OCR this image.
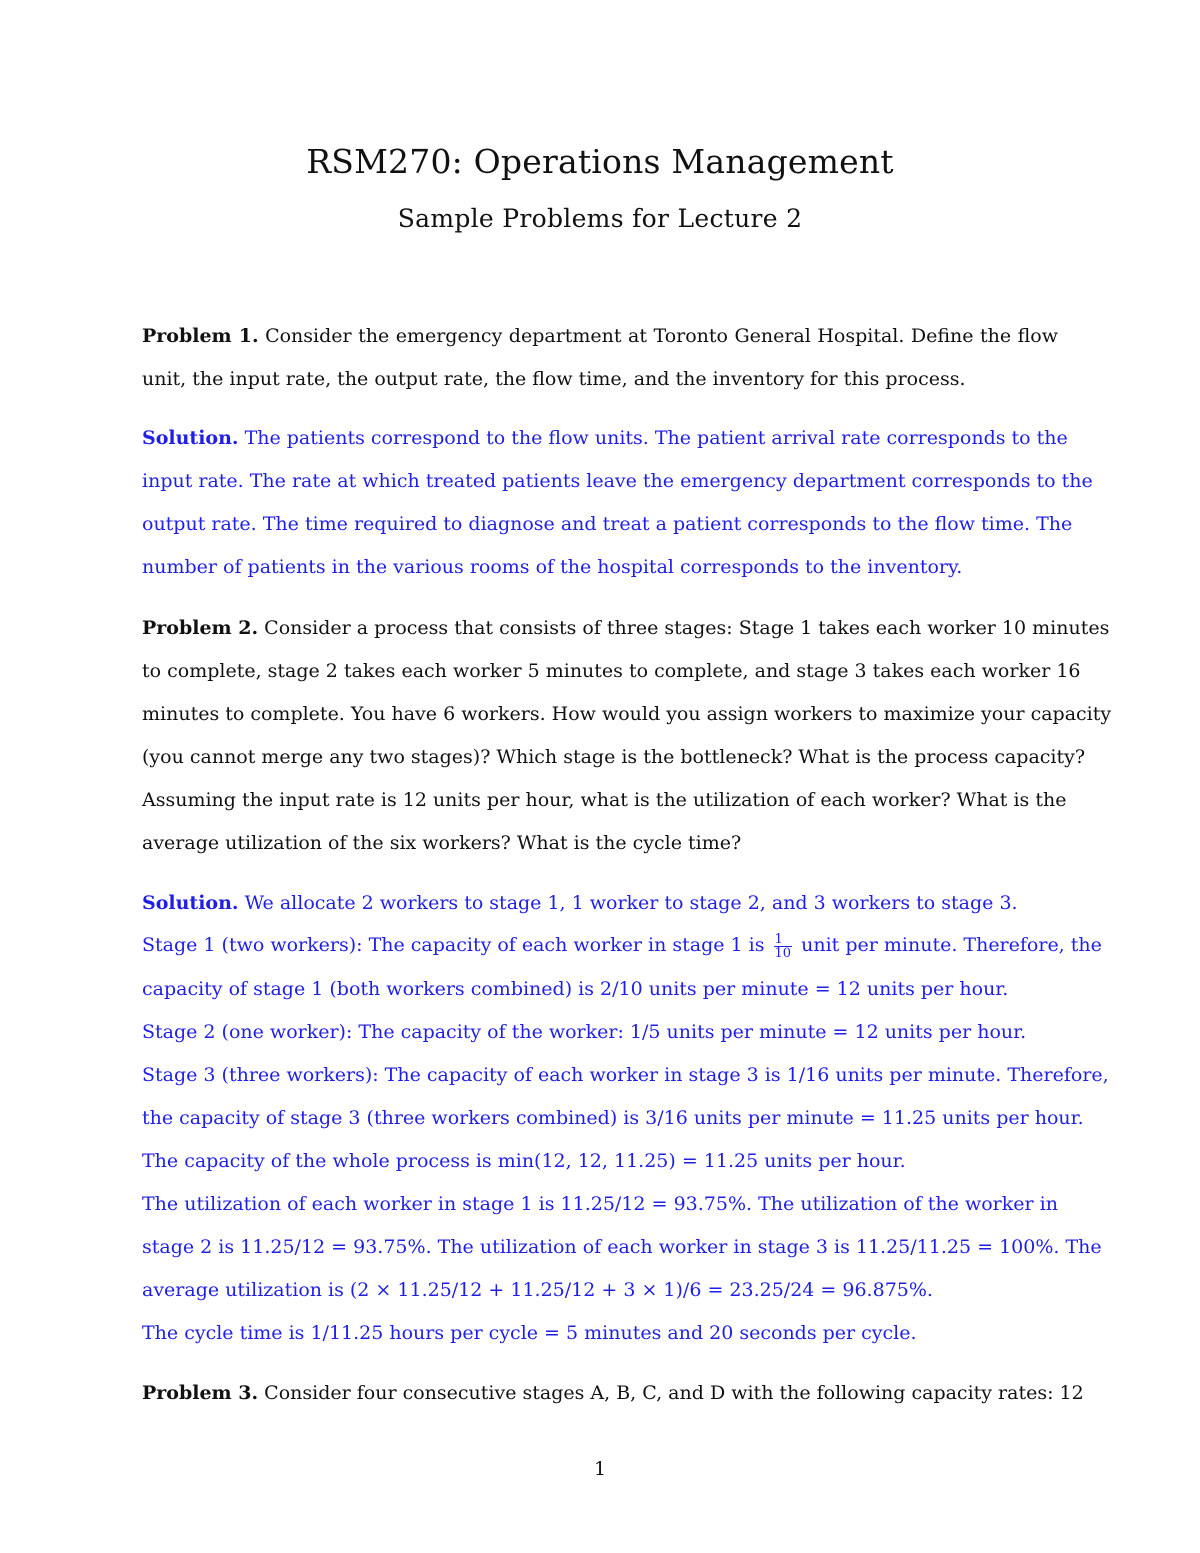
RSM270: Operations Management
Sample Problems for Lecture 2
Problem 1. Consider the emergency department at Toronto General Hospital. Define the flow
unit, the input rate, the output rate, the flow time, and the inventory for this process.
Solution. The patients correspond to the flow units. The patient arrival rate corresponds to the
input rate. The rate at which treated patients leave the emergency department corresponds to the
output rate. The time required to diagnose and treat a patient corresponds to the flow time. The
number of patients in the various rooms of the hospital corresponds to the inventory.
Problem 2. Consider a process that consists of three stages: Stage 1 takes each worker 10 minutes
to complete, stage 2 takes each worker 5 minutes to complete, and stage 3 takes each worker 16
minutes to complete. You have 6 workers. How would you assign workers to maximize your capacity
(you cannot merge any two stages)? Which stage is the bottleneck? What is the process capacity?
Assuming the input rate is 12 units per hour, what is the utilization of each worker? What is the
average utilization of the six workers? What is the cycle time?
Solution. We allocate 2 workers to stage 1, 1 worker to stage 2, and 3 workers to stage 3.
Stage 1 (two workers): The capacity of each worker in stage 1 is $\frac{1}{10}$ unit per minute. Therefore, the
capacity of stage 1 (both workers combined) is 2/10 units per minute = 12 units per hour.
Stage 2 (one worker): The capacity of the worker: 1/5 units per minute = 12 units per hour.
Stage 3 (three workers): The capacity of each worker in stage 3 is 1/16 units per minute. Therefore,
the capacity of stage 3 (three workers combined) is 3/16 units per minute = 11.25 units per hour.
The capacity of the whole process is min(12, 12, 11.25) = 11.25 units per hour.
The utilization of each worker in stage 1 is 11.25/12 = 93.75%. The utilization of the worker in
stage 2 is 11.25/12 = 93.75%. The utilization of each worker in stage 3 is 11.25/11.25 = 100%. The
average utilization is (2 × 11.25/12 + 11.25/12 + 3 × 1)/6 = 23.25/24 = 96.875%.
The cycle time is 1/11.25 hours per cycle = 5 minutes and 20 seconds per cycle.
Problem 3. Consider four consecutive stages A, B, C, and D with the following capacity rates: 12
1
